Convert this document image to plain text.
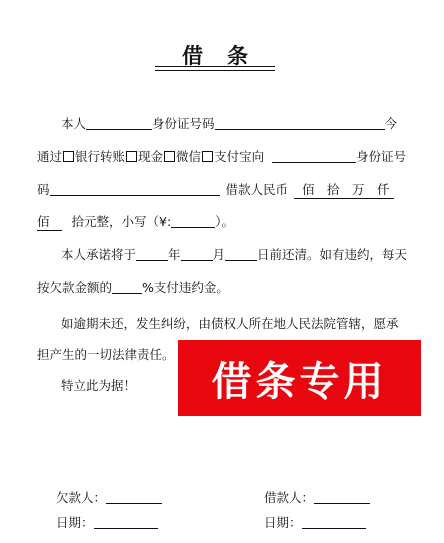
借条
本人	身份证号码	今
通过 银行转账 现金 微信 支付宝向	身份证号
码	借款人民币 佰　拾　万　仟
佰 拾元整，小写（¥:	）。
本人承诺将于	年	月	日前还清。如有违约，每天
按欠款金额的 %支付违约金。
如逾期未还，发生纠纷，由债权人所在地人民法院管辖，愿承
担产生的一切法律责任。
特立此为据！	借条专用
欠款人：	借款人：
日期：	日期：
